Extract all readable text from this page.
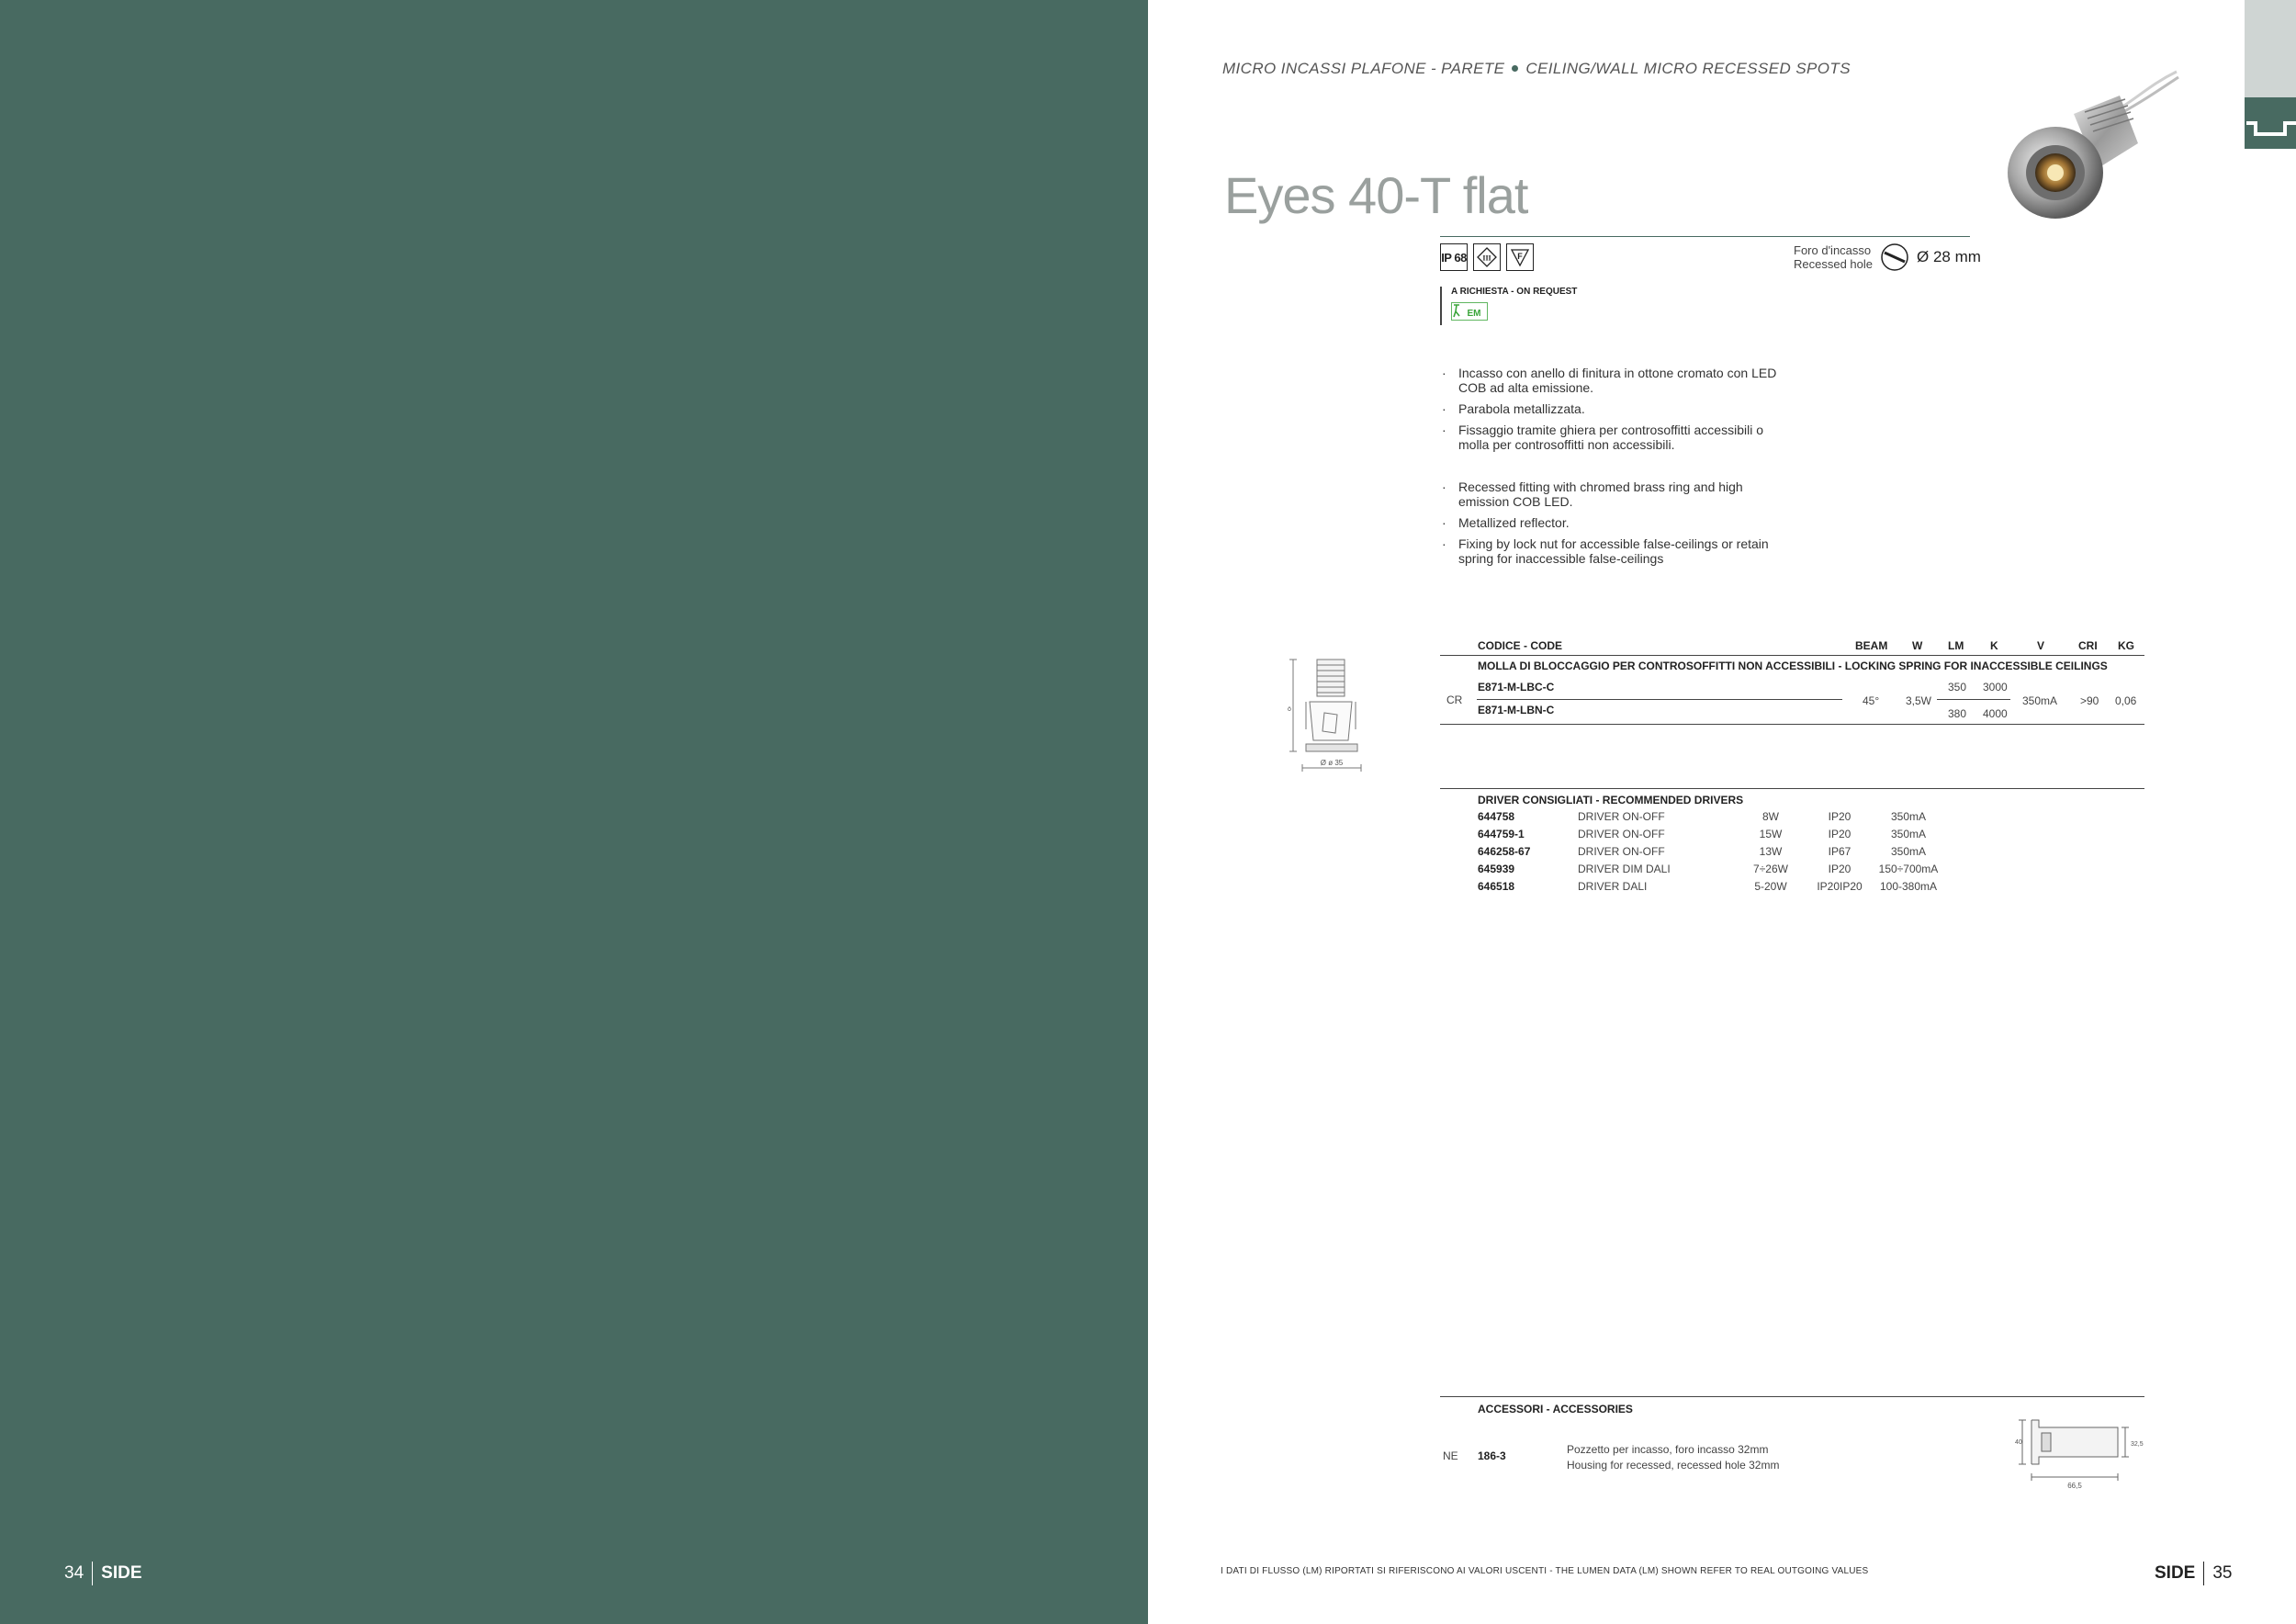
34 SIDE
MICRO INCASSI PLAFONE - PARETE CEILING/WALL MICRO RECESSED SPOTS
Eyes 40-T flat
IP 68 III	F	Foro d'incasso
Recessed hole	Ø 28 mm
A RICHIESTA - ON REQUEST
EM
· Incasso con anello di finitura in ottone cromato con LED COB ad alta emissione.
· Parabola metallizzata.
· Fissaggio tramite ghiera per controsoffitti accessibili o molla per controsoffitti non accessibili.
· Recessed fitting with chromed brass ring and high emission COB LED.
· Metallized reflector.
· Fixing by lock nut for accessible false-ceilings or retain spring for inaccessible false-ceilings
ö
Ø ø 35
CODICE - CODE	BEAM W LM K	V	CRI KG
MOLLA DI BLOCCAGGIO PER CONTROSOFFITTI NON ACCESSIBILI - LOCKING SPRING FOR INACCESSIBLE CEILINGS
CR
E871-M-LBC-C	350 3000
E871-M-LBN-C	380 4000
45° 3,5W	350mA >90 0,06
DRIVER CONSIGLIATI - RECOMMENDED DRIVERS
644758	DRIVER ON-OFF	8W	IP20	350mA
644759-1	DRIVER ON-OFF	15W	IP20	350mA
646258-67	DRIVER ON-OFF	13W	IP67	350mA
645939	DRIVER DIM DALI	7÷26W	IP20	150÷700mA
646518	DRIVER DALI	5-20W	IP20IP20	100-380mA
ACCESSORI - ACCESSORIES
NE 186-3	Pozzetto per incasso, foro incasso 32mm
Housing for recessed, recessed hole 32mm
40	32,5
66,5
I DATI DI FLUSSO (LM) RIPORTATI SI RIFERISCONO AI VALORI USCENTI - THE LUMEN DATA (LM) SHOWN REFER TO REAL OUTGOING VALUES	SIDE 35
